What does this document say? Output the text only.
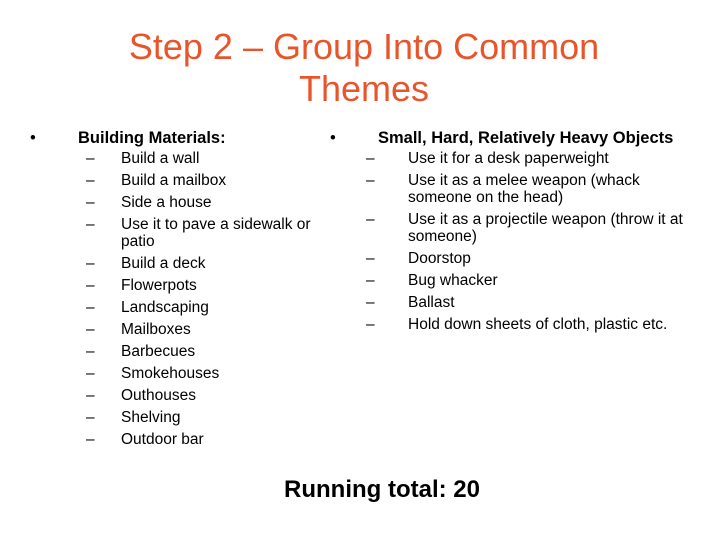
Step 2 – Group Into Common Themes
•	Building Materials:
– Build a wall
– Build a mailbox
– Side a house
– Use it to pave a sidewalk or patio
– Build a deck
– Flowerpots
– Landscaping
– Mailboxes
– Barbecues
– Smokehouses
– Outhouses
– Shelving
– Outdoor bar
•	Small, Hard, Relatively Heavy Objects
– Use it for a desk paperweight
– Use it as a melee weapon (whack someone on the head)
– Use it as a projectile weapon (throw it at someone)
– Doorstop
– Bug whacker
– Ballast
– Hold down sheets of cloth, plastic etc.
Running total: 20
